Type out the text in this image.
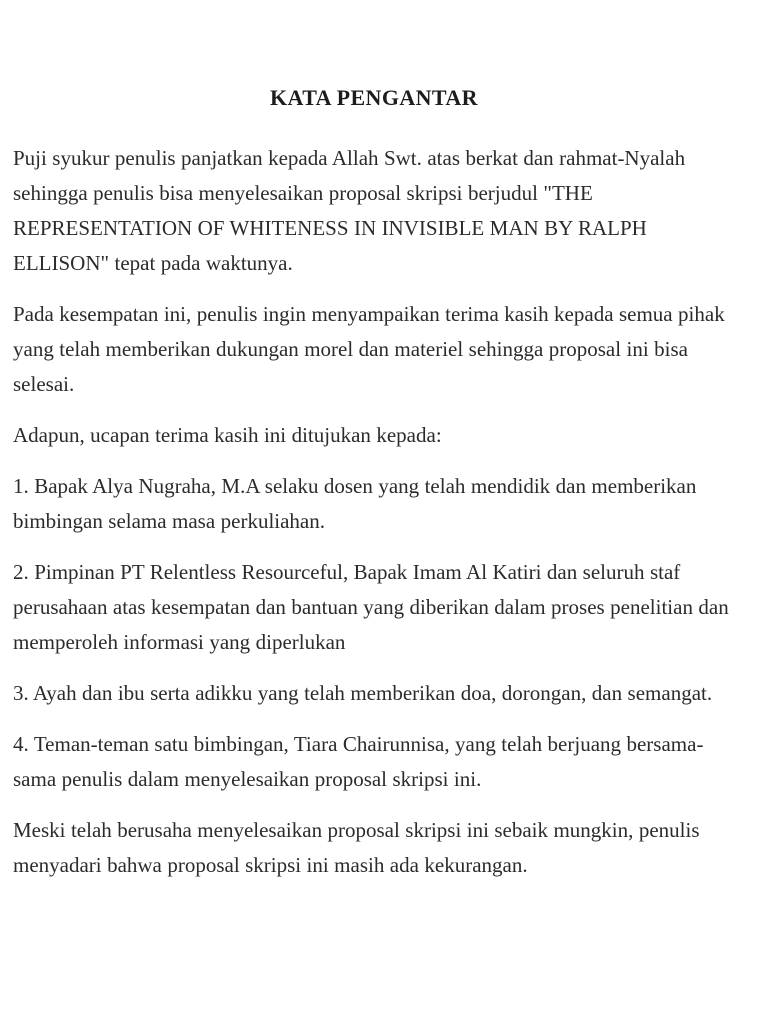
KATA PENGANTAR

Puji syukur penulis panjatkan kepada Allah Swt. atas berkat dan rahmat-Nyalah sehingga penulis bisa menyelesaikan proposal skripsi berjudul "THE REPRESENTATION OF WHITENESS IN INVISIBLE MAN BY RALPH ELLISON" tepat pada waktunya.

Pada kesempatan ini, penulis ingin menyampaikan terima kasih kepada semua pihak yang telah memberikan dukungan morel dan materiel sehingga proposal ini bisa selesai.

Adapun, ucapan terima kasih ini ditujukan kepada:

1. Bapak Alya Nugraha, M.A selaku dosen yang telah mendidik dan memberikan bimbingan selama masa perkuliahan.

2. Pimpinan PT Relentless Resourceful, Bapak Imam Al Katiri dan seluruh staf perusahaan atas kesempatan dan bantuan yang diberikan dalam proses penelitian dan memperoleh informasi yang diperlukan

3. Ayah dan ibu serta adikku yang telah memberikan doa, dorongan, dan semangat.

4. Teman-teman satu bimbingan, Tiara Chairunnisa, yang telah berjuang bersama-sama penulis dalam menyelesaikan proposal skripsi ini.

Meski telah berusaha menyelesaikan proposal skripsi ini sebaik mungkin, penulis menyadari bahwa proposal skripsi ini masih ada kekurangan.
